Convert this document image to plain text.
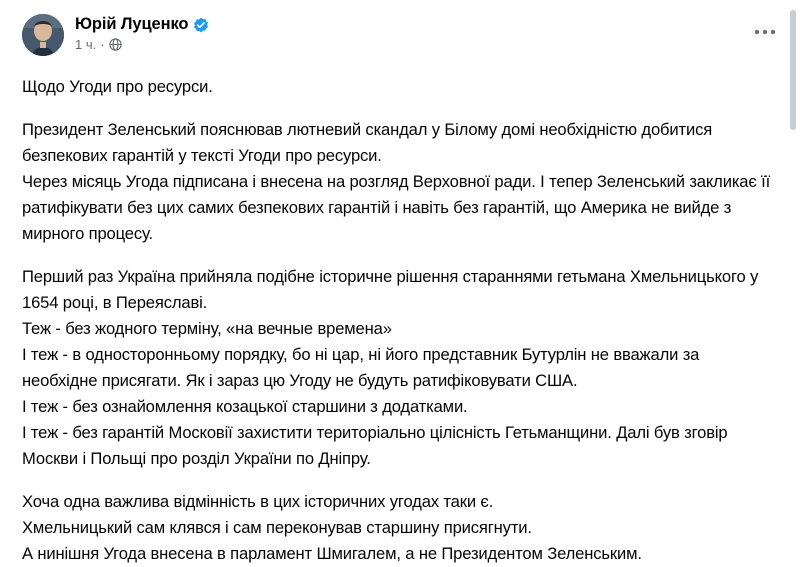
Юрій Луценко
1 ч. ·

Щодо Угоди про ресурси.

Президент Зеленський пояснював лютневий скандал у Білому домі необхідністю добитися безпекових гарантій у тексті Угоди про ресурси.

Через місяць Угода підписана і внесена на розгляд Верховної ради. І тепер Зеленський закликає її ратифікувати без цих самих безпекових гарантій і навіть без гарантій, що Америка не вийде з мирного процесу.

Перший раз Україна прийняла подібне історичне рішення стараннями гетьмана Хмельницького у 1654 році, в Переяславі.

Теж - без жодного терміну, «на вечные времена»

І теж - в односторонньому порядку, бо ні цар, ні його представник Бутурлін не вважали за необхідне присягати. Як і зараз цю Угоду не будуть ратифіковувати США.

І теж - без ознайомлення козацької старшини з додатками.

І теж - без гарантій Московії захистити територіально цілісність Гетьманщини. Далі був зговір Москви і Польщі про розділ України по Дніпру.

Хоча одна важлива відмінність в цих історичних угодах таки є.

Хмельницький сам клявся і сам переконував старшину присягнути.

А нинішня Угода внесена в парламент Шмигалем, а не Президентом Зеленським.
